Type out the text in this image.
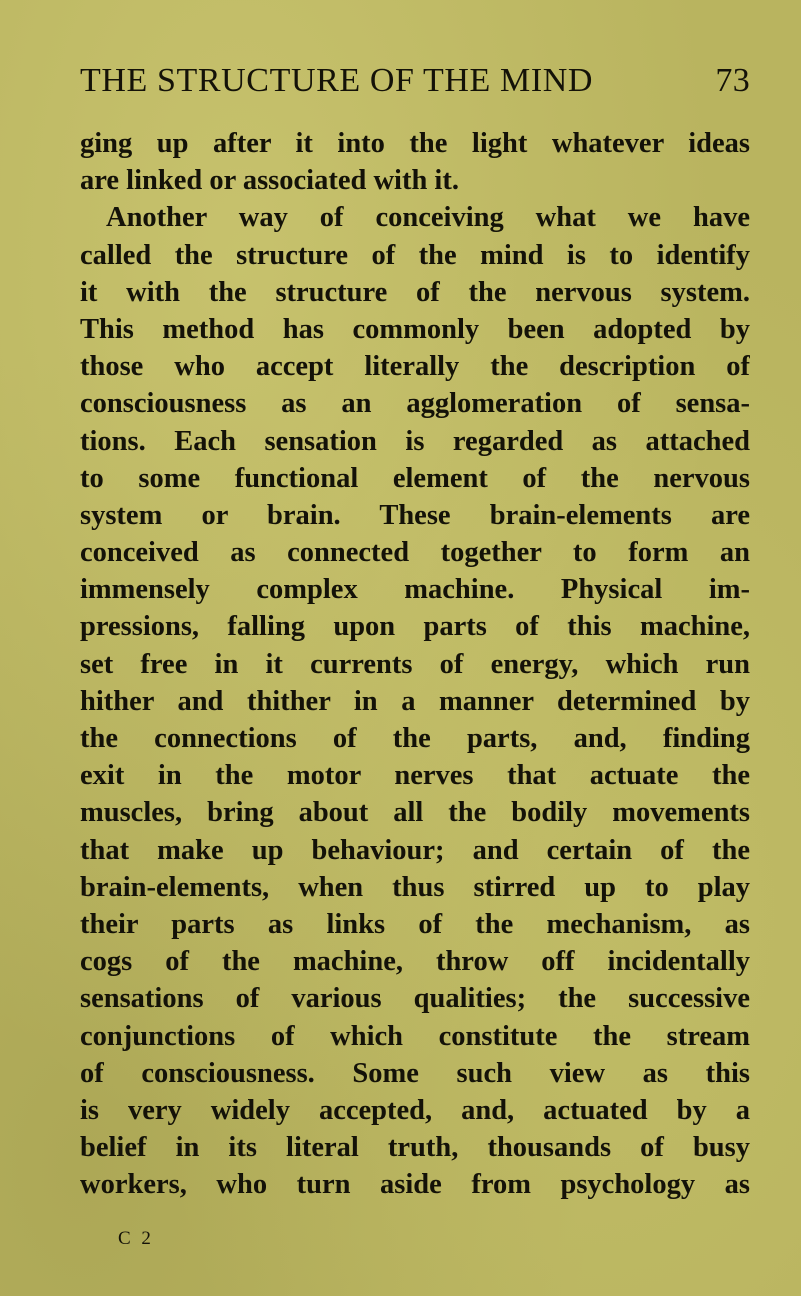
THE STRUCTURE OF THE MIND	73
ging up after it into the light whatever ideas
are linked or associated with it.
Another way of conceiving what we have
called the structure of the mind is to identify
it with the structure of the nervous system.
This method has commonly been adopted by
those who accept literally the description of
consciousness as an agglomeration of sensa-
tions. Each sensation is regarded as attached
to some functional element of the nervous
system or brain. These brain-elements are
conceived as connected together to form an
immensely complex machine. Physical im-
pressions, falling upon parts of this machine,
set free in it currents of energy, which run
hither and thither in a manner determined by
the connections of the parts, and, finding
exit in the motor nerves that actuate the
muscles, bring about all the bodily movements
that make up behaviour; and certain of the
brain-elements, when thus stirred up to play
their parts as links of the mechanism, as
cogs of the machine, throw off incidentally
sensations of various qualities; the successive
conjunctions of which constitute the stream
of consciousness. Some such view as this
is very widely accepted, and, actuated by a
belief in its literal truth, thousands of busy
workers, who turn aside from psychology as
C 2
